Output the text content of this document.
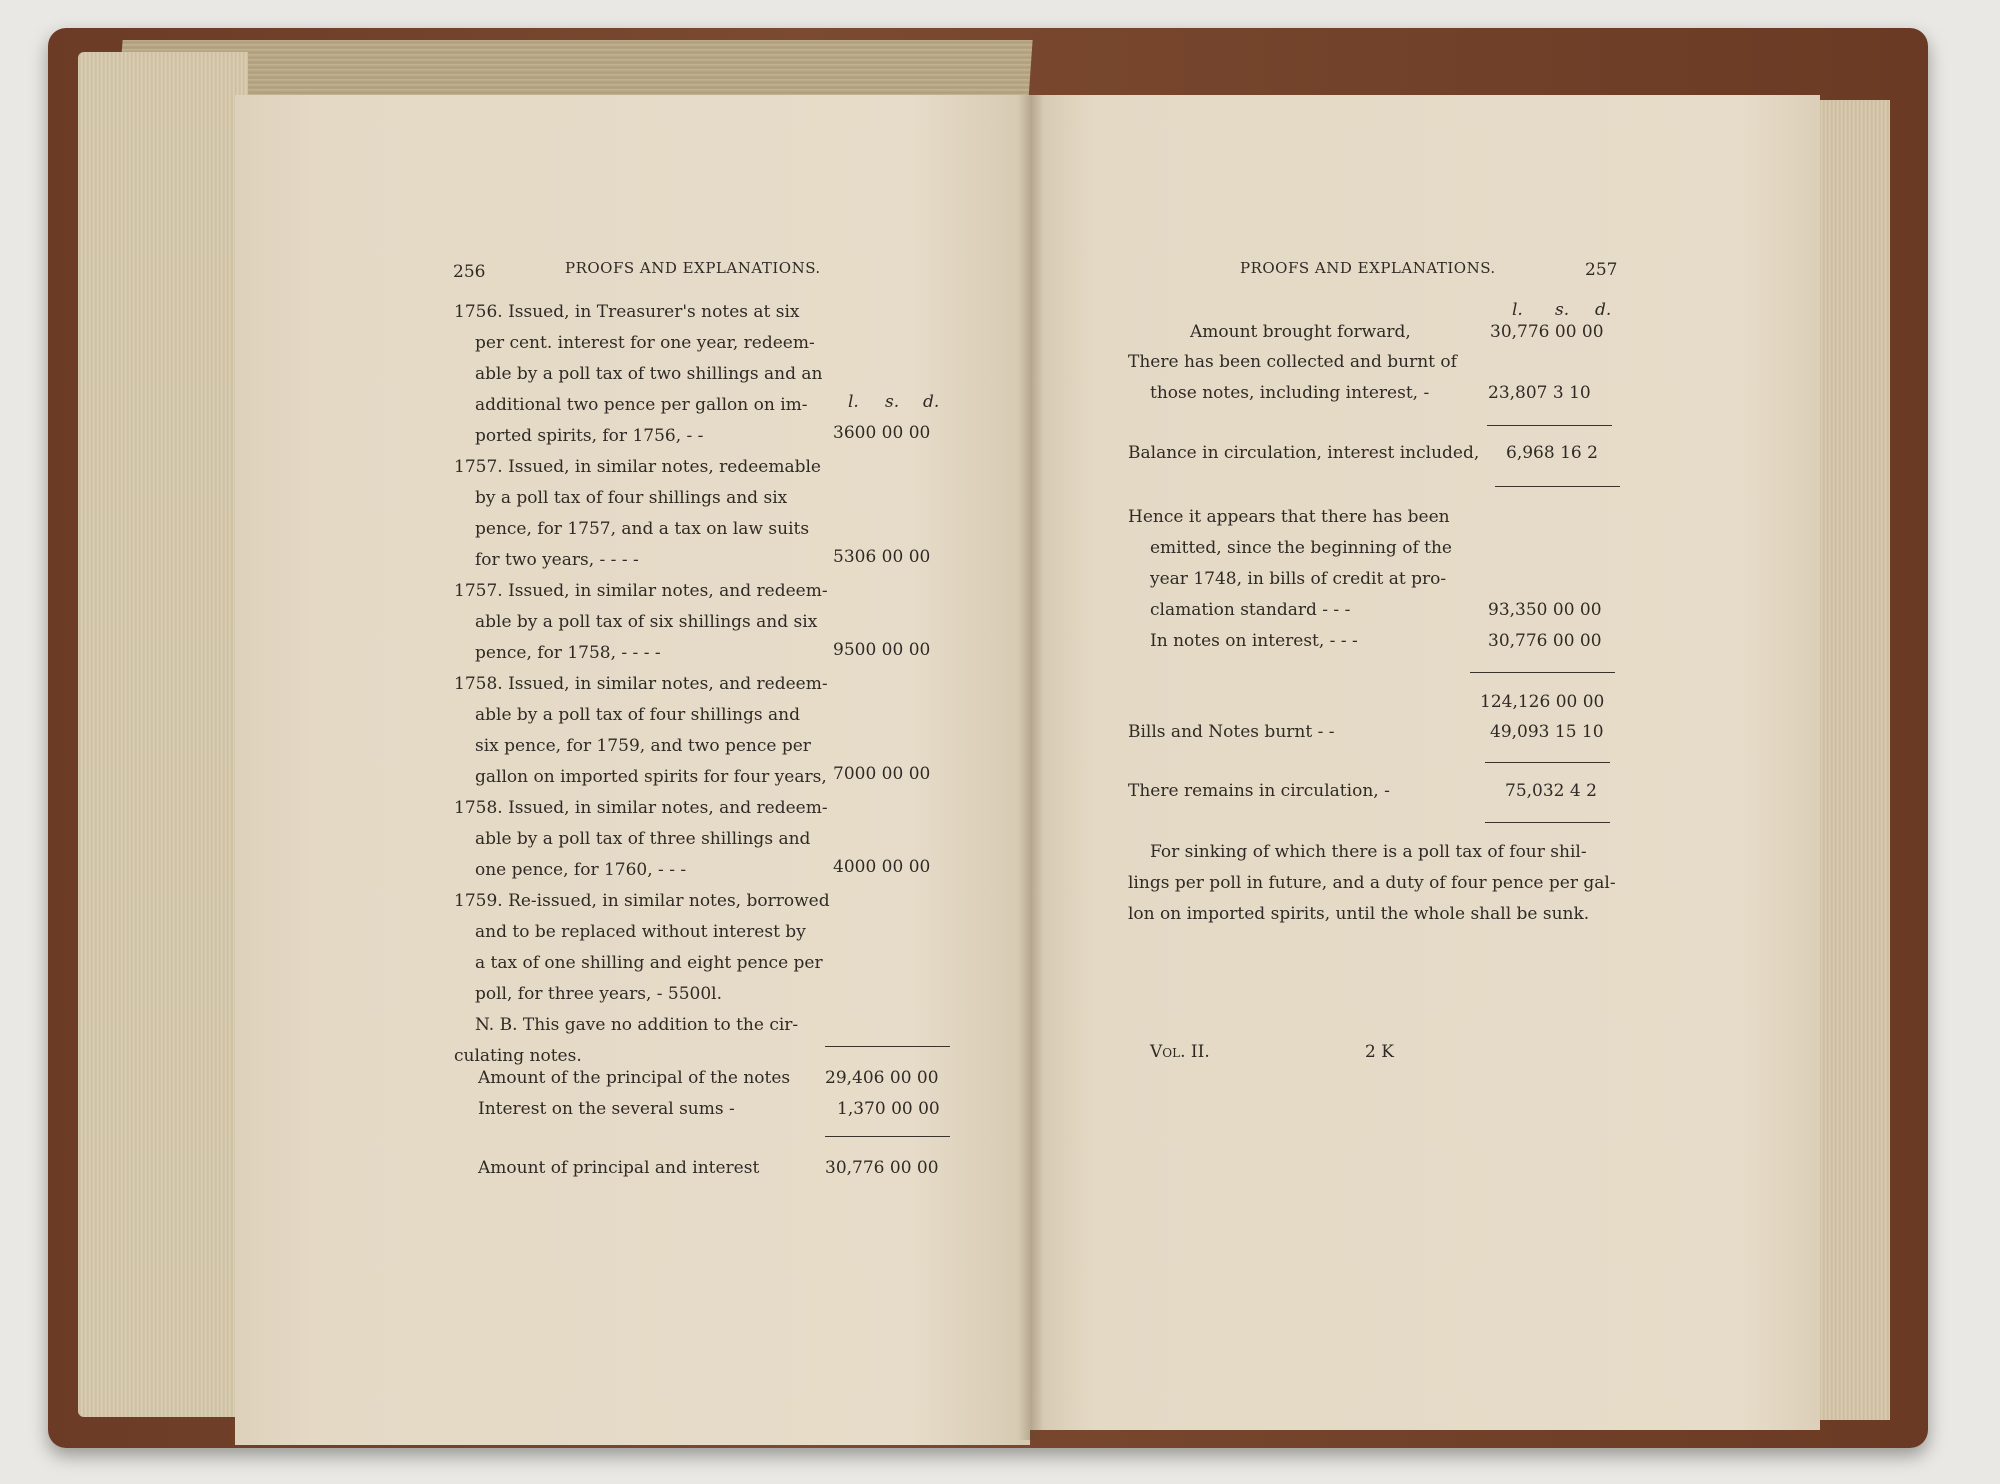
256	PROOFS AND EXPLANATIONS.
1756. Issued, in Treasurer's notes at six
per cent. interest for one year, redeem-
able by a poll tax of two shillings and an
additional two pence per gallon on im- l. s. d.
ported spirits, for 1756, - -	3600 00 00
1757. Issued, in similar notes, redeemable
by a poll tax of four shillings and six
pence, for 1757, and a tax on law suits
for two years, - - - -	5306 00 00
1757. Issued, in similar notes, and redeem-
able by a poll tax of six shillings and six
pence, for 1758, - - - -	9500 00 00
1758. Issued, in similar notes, and redeem-
able by a poll tax of four shillings and
six pence, for 1759, and two pence per
gallon on imported spirits for four years, 7000 00 00
1758. Issued, in similar notes, and redeem-
able by a poll tax of three shillings and
one pence, for 1760, - - -	4000 00 00
1759. Re-issued, in similar notes, borrowed
and to be replaced without interest by
a tax of one shilling and eight pence per
poll, for three years, - 5500l.
N. B. This gave no addition to the cir-
culating notes.
Amount of the principal of the notes 29,406 00 00
Interest on the several sums -	1,370 00 00
Amount of principal and interest	30,776 00 00
PROOFS AND EXPLANATIONS.	257
l. s. d.
Amount brought forward,	30,776 00 00
There has been collected and burnt of
those notes, including interest, -	23,807 3 10
Balance in circulation, interest included, 6,968 16 2
Hence it appears that there has been
emitted, since the beginning of the
year 1748, in bills of credit at pro-
clamation standard - - -	93,350 00 00
In notes on interest, - - -	30,776 00 00
124,126 00 00
Bills and Notes burnt - -	49,093 15 10
There remains in circulation, -	75,032 4 2
For sinking of which there is a poll tax of four shil-
lings per poll in future, and a duty of four pence per gal-
lon on imported spirits, until the whole shall be sunk.
Vol. II.	2 K
